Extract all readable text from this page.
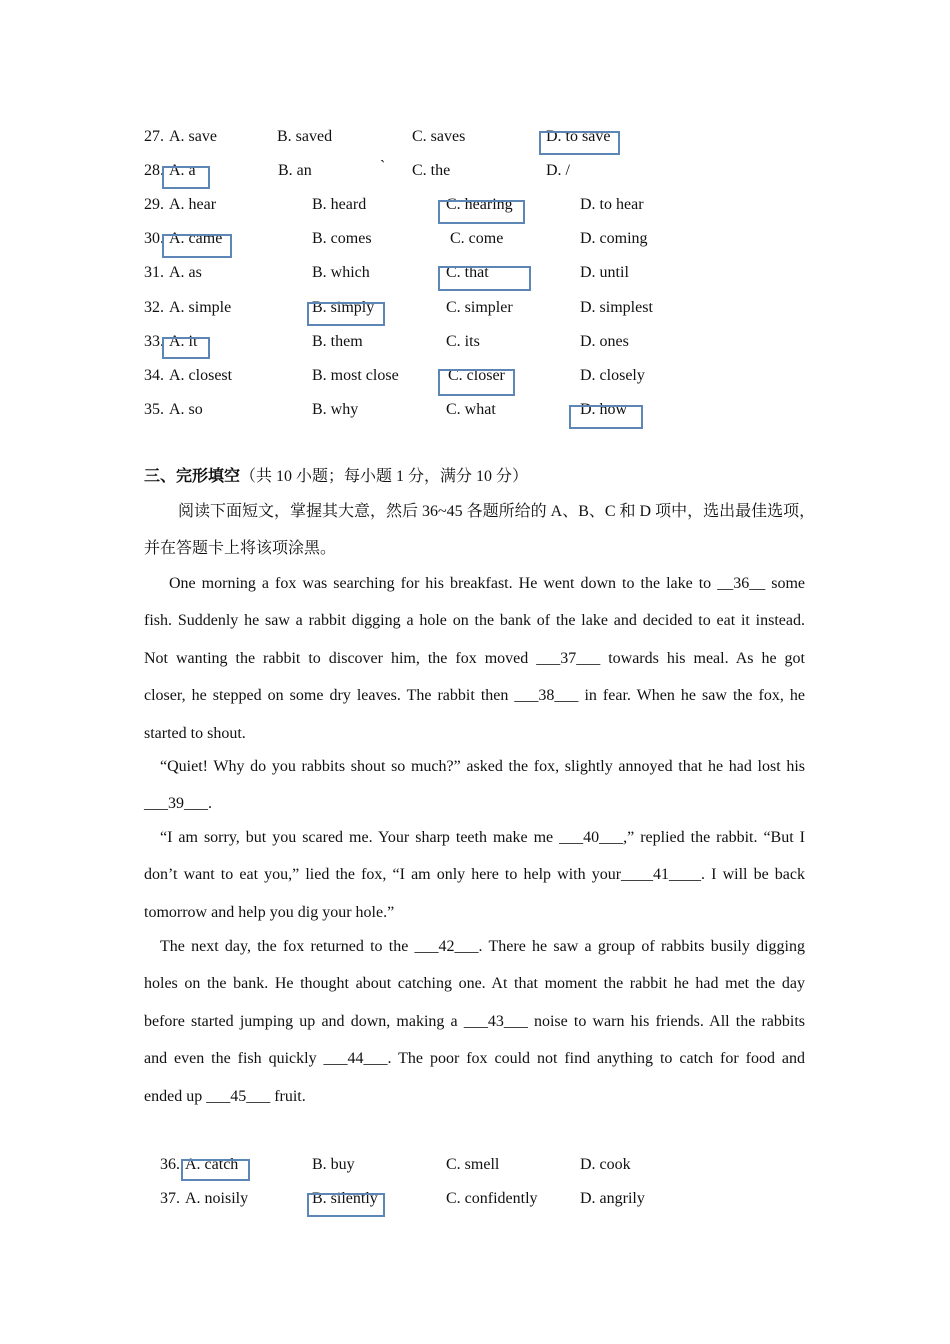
27. A. save	B. saved	C. saves	D. to save
28. A. a	B. an	` C. the	D. /
29. A. hear	B. heard	C. hearing	D. to hear
30. A. came	B. comes	C. come	D. coming
31. A. as	B. which	C. that	D. until
32. A. simple	B. simply	C. simpler	D. simplest
33. A. it	B. them	C. its	D. ones
34. A. closest	B. most close	C. closer	D. closely
35. A. so	B. why	C. what	D. how
三、完形填空（共 10 小题；每小题 1 分，满分 10 分）
阅读下面短文，掌握其大意，然后 36~45 各题所给的 A、B、C 和 D 项中，选出最佳选项，
并在答题卡上将该项涂黑。
One morning a fox was searching for his breakfast. He went down to the lake to __36__ some
fish. Suddenly he saw a rabbit digging a hole on the bank of the lake and decided to eat it instead.
Not wanting the rabbit to discover him, the fox moved ___37___ towards his meal. As he got
closer, he stepped on some dry leaves. The rabbit then ___38___ in fear. When he saw the fox, he
started to shout.
“Quiet! Why do you rabbits shout so much?” asked the fox, slightly annoyed that he had lost his
___39___.
“I am sorry, but you scared me. Your sharp teeth make me ___40___,” replied the rabbit. “But I
don’t want to eat you,” lied the fox, “I am only here to help with your____41____. I will be back
tomorrow and help you dig your hole.”
The next day, the fox returned to the ___42___. There he saw a group of rabbits busily digging
holes on the bank. He thought about catching one. At that moment the rabbit he had met the day
before started jumping up and down, making a ___43___ noise to warn his friends. All the rabbits
and even the fish quickly ___44___. The poor fox could not find anything to catch for food and
ended up ___45___ fruit.
36. A. catch	B. buy	C. smell	D. cook
37. A. noisily	B. silently	C. confidently	D. angrily
